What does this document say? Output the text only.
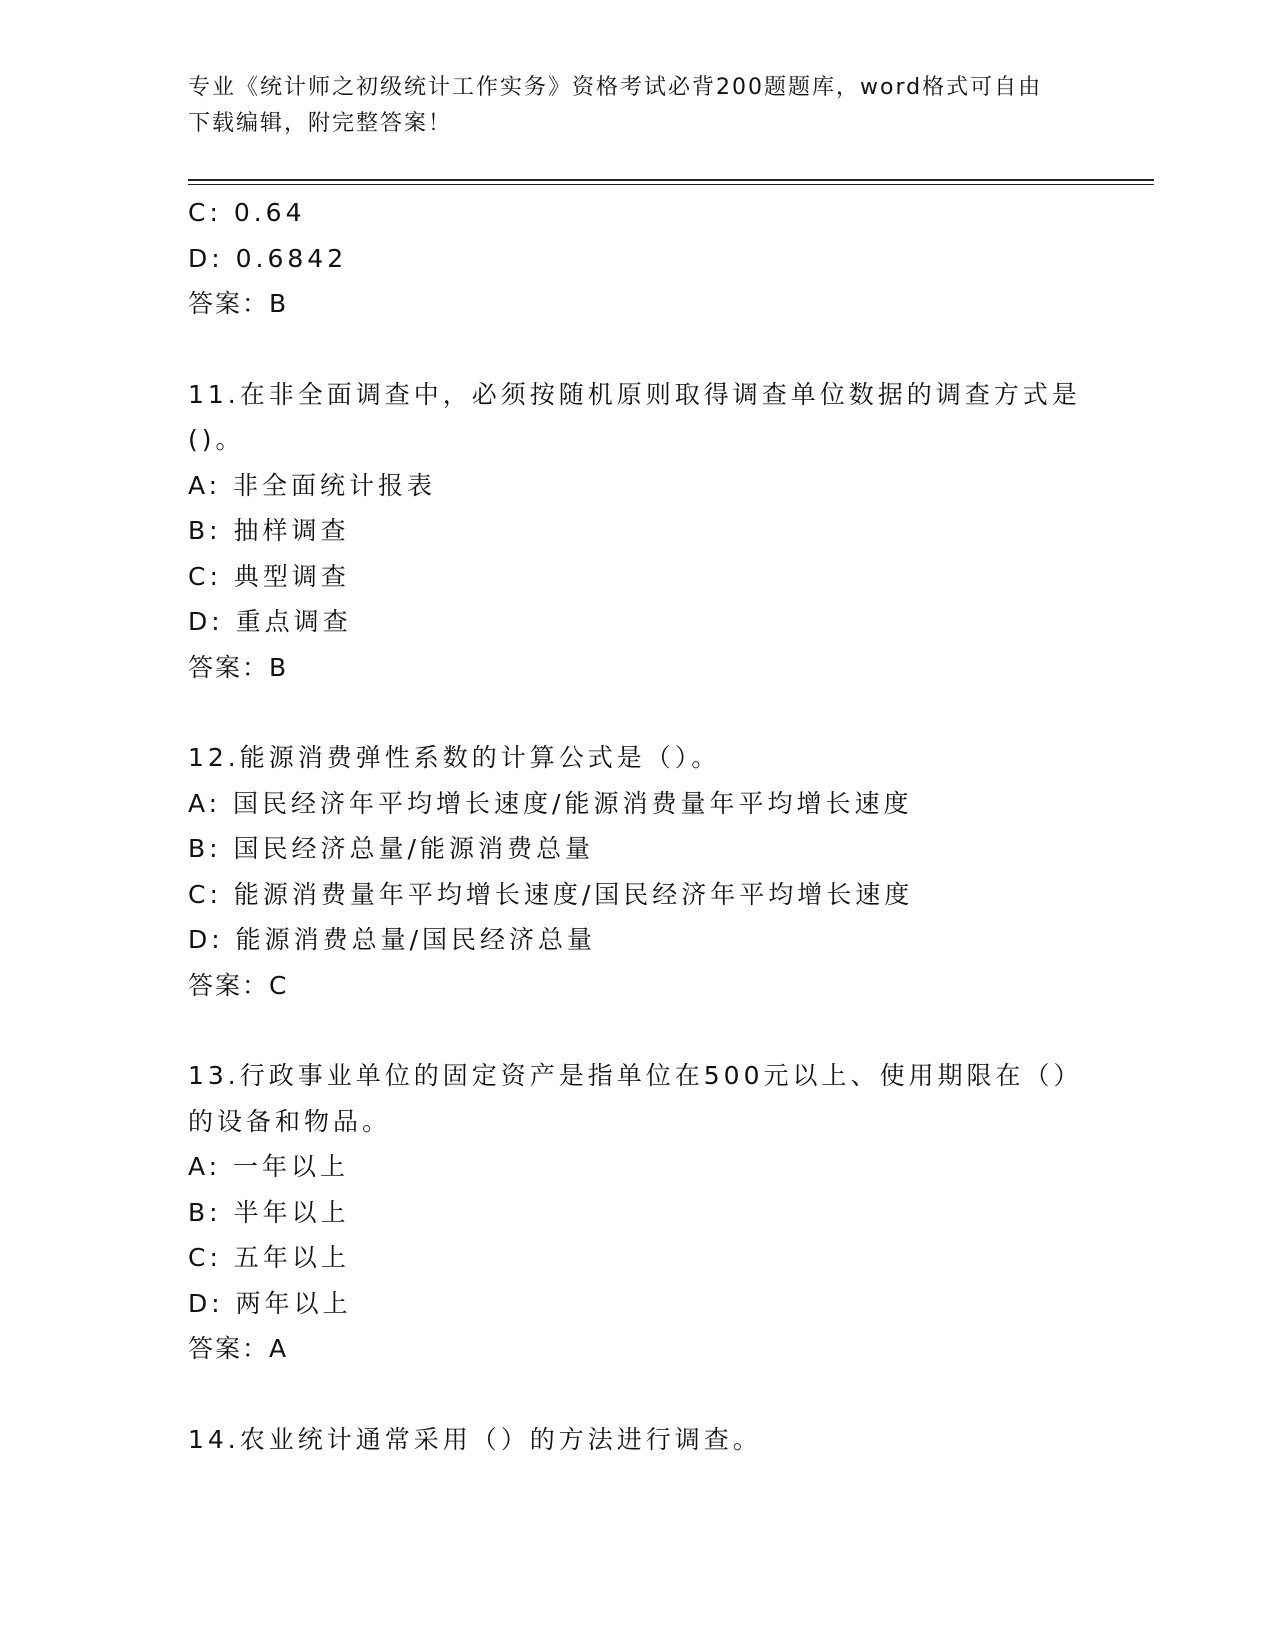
专业《统计师之初级统计工作实务》资格考试必背200题题库，word格式可自由
下载编辑，附完整答案！
C: 0.64
D: 0.6842
答案：B
11.在非全面调查中，必须按随机原则取得调查单位数据的调查方式是
()。
A: 非全面统计报表
B: 抽样调查
C: 典型调查
D: 重点调查
答案：B
12.能源消费弹性系数的计算公式是（）。
A: 国民经济年平均增长速度/能源消费量年平均增长速度
B: 国民经济总量/能源消费总量
C: 能源消费量年平均增长速度/国民经济年平均增长速度
D: 能源消费总量/国民经济总量
答案：C
13.行政事业单位的固定资产是指单位在500元以上、使用期限在（）
的设备和物品。
A: 一年以上
B: 半年以上
C: 五年以上
D: 两年以上
答案：A
14.农业统计通常采用（）的方法进行调查。
